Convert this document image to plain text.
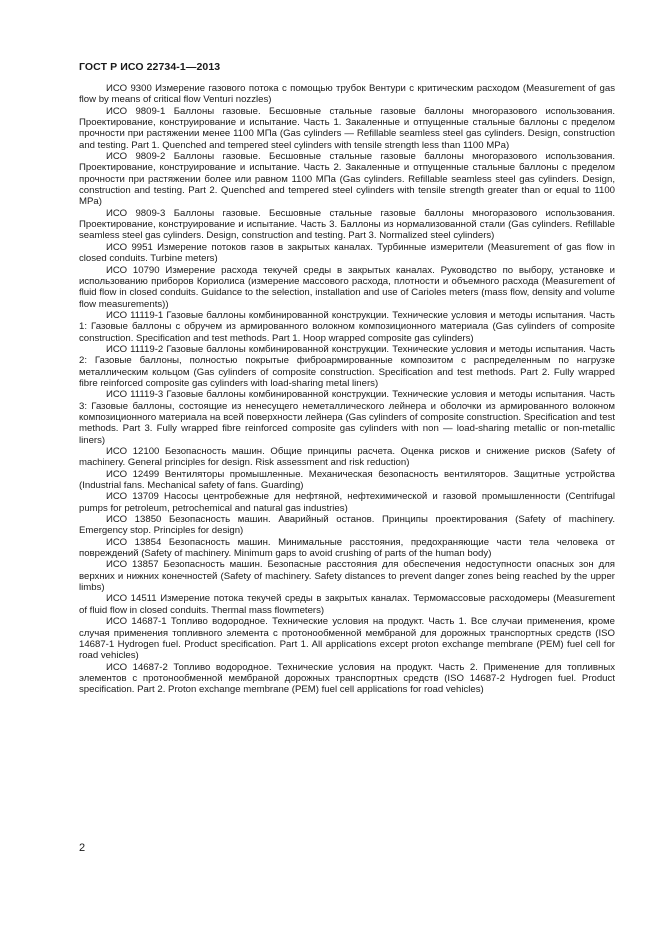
ГОСТ Р ИСО 22734-1—2013

ИСО 9300 Измерение газового потока с помощью трубок Вентури с критическим расходом (Measurement of gas flow by means of critical flow Venturi nozzles)

ИСО 9809-1 Баллоны газовые. Бесшовные стальные газовые баллоны многоразового использования. Проектирование, конструирование и испытание. Часть 1. Закаленные и отпущенные стальные баллоны с пределом прочности при растяжении менее 1100 МПа (Gas cylinders — Refillable seamless steel gas cylinders. Design, construction and testing. Part 1. Quenched and tempered steel cylinders with tensile strength less than 1100 MPa)

ИСО 9809-2 Баллоны газовые. Бесшовные стальные газовые баллоны многоразового использования. Проектирование, конструирование и испытание. Часть 2. Закаленные и отпущенные стальные баллоны с пределом прочности при растяжении более или равном 1100 МПа (Gas cylinders. Refillable seamless steel gas cylinders. Design, construction and testing. Part 2. Quenched and tempered steel cylinders with tensile strength greater than or equal to 1100 MPa)

ИСО 9809-3 Баллоны газовые. Бесшовные стальные газовые баллоны многоразового использования. Проектирование, конструирование и испытание. Часть 3. Баллоны из нормализованной стали (Gas cylinders. Refillable seamless steel gas cylinders. Design, construction and testing. Part 3. Normalized steel cylinders)

ИСО 9951 Измерение потоков газов в закрытых каналах. Турбинные измерители (Measurement of gas flow in closed conduits. Turbine meters)

ИСО 10790 Измерение расхода текучей среды в закрытых каналах. Руководство по выбору, установке и использованию приборов Кориолиса (измерение массового расхода, плотности и объемного расхода (Measurement of fluid flow in closed conduits. Guidance to the selection, installation and use of Carioles meters (mass flow, density and volume flow measurements))

ИСО 11119-1 Газовые баллоны комбинированной конструкции. Технические условия и методы испытания. Часть 1: Газовые баллоны с обручем из армированного волокном композиционного материала (Gas cylinders of composite construction. Specification and test methods. Part 1. Hoop wrapped composite gas cylinders)

ИСО 11119-2 Газовые баллоны комбинированной конструкции. Технические условия и методы испытания. Часть 2: Газовые баллоны, полностью покрытые фиброармированные композитом с распределенным по нагрузке металлическим кольцом (Gas cylinders of composite construction. Specification and test methods. Part 2. Fully wrapped fibre reinforced composite gas cylinders with load-sharing metal liners)

ИСО 11119-3 Газовые баллоны комбинированной конструкции. Технические условия и методы испытания. Часть 3: Газовые баллоны, состоящие из ненесущего неметаллического лейнера и оболочки из армированного волокном композиционного материала на всей поверхности лейнера (Gas cylinders of composite construction. Specification and test methods. Part 3. Fully wrapped fibre reinforced composite gas cylinders with non — load-sharing metallic or non-metallic liners)

ИСО 12100 Безопасность машин. Общие принципы расчета. Оценка рисков и снижение рисков (Safety of machinery. General principles for design. Risk assessment and risk reduction)

ИСО 12499 Вентиляторы промышленные. Механическая безопасность вентиляторов. Защитные устройства (Industrial fans. Mechanical safety of fans. Guarding)

ИСО 13709 Насосы центробежные для нефтяной, нефтехимической и газовой промышленности (Centrifugal pumps for petroleum, petrochemical and natural gas industries)

ИСО 13850 Безопасность машин. Аварийный останов. Принципы проектирования (Safety of machinery. Emergency stop. Principles for design)

ИСО 13854 Безопасность машин. Минимальные расстояния, предохраняющие части тела человека от повреждений (Safety of machinery. Minimum gaps to avoid crushing of parts of the human body)

ИСО 13857 Безопасность машин. Безопасные расстояния для обеспечения недоступности опасных зон для верхних и нижних конечностей (Safety of machinery. Safety distances to prevent danger zones being reached by the upper limbs)

ИСО 14511 Измерение потока текучей среды в закрытых каналах. Термомассовые расходомеры (Measurement of fluid flow in closed conduits. Thermal mass flowmeters)

ИСО 14687-1 Топливо водородное. Технические условия на продукт. Часть 1. Все случаи применения, кроме случая применения топливного элемента с протонообменной мембраной для дорожных транспортных средств (ISO 14687-1 Hydrogen fuel. Product specification. Part 1. All applications except proton exchange membrane (PEM) fuel cell for road vehicles)

ИСО 14687-2 Топливо водородное. Технические условия на продукт. Часть 2. Применение для топливных элементов с протонообменной мембраной дорожных транспортных средств (ISO 14687-2 Hydrogen fuel. Product specification. Part 2. Proton exchange membrane (PEM) fuel cell applications for road vehicles)

2
